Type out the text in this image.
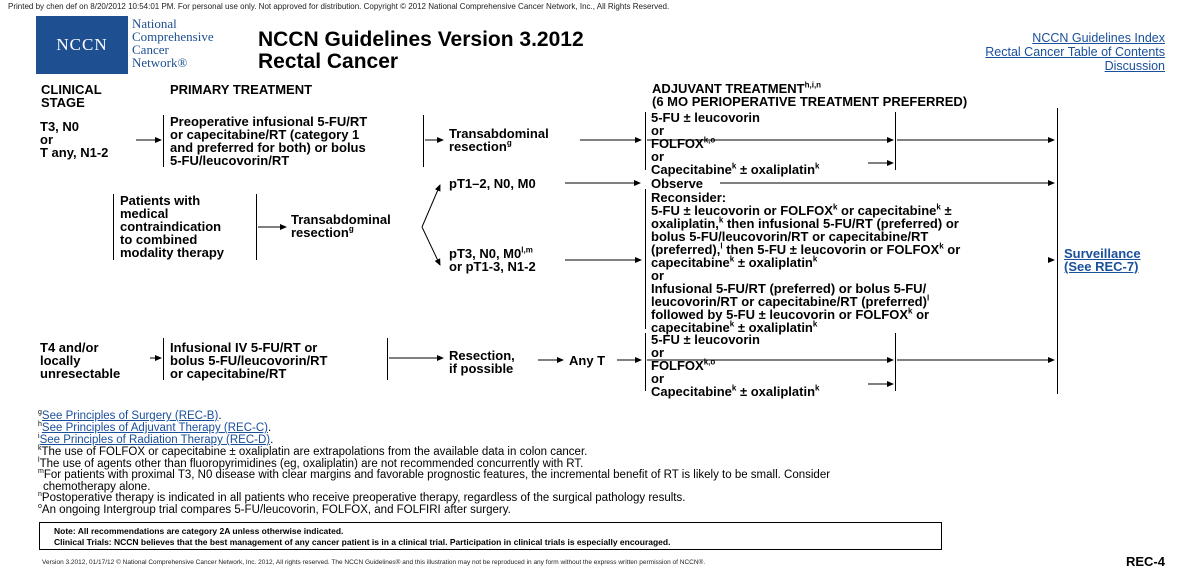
Printed by chen def on 8/20/2012 10:54:01 PM. For personal use only. Not approved for distribution. Copyright © 2012 National Comprehensive Cancer Network, Inc., All Rights Reserved.
NCCN
National
Comprehensive
Cancer
Network®
NCCN Guidelines Version 3.2012
Rectal Cancer
NCCN Guidelines Index
Rectal Cancer Table of Contents
Discussion
CLINICAL
STAGE
PRIMARY TREATMENT	ADJUVANT TREATMENT$^{h,i,n}$
(6 MO PERIOPERATIVE TREATMENT PREFERRED)
T3, N0
or
T any, N1-2
Preoperative infusional 5-FU/RT
or capecitabine/RT (category 1
and preferred for both) or bolus
5-FU/leucovorin/RT
Transabdominal
resection$^g$
5-FU ± leucovorin
or
FOLFOX$^{k,o}$
or
Capecitabine$^k$ ± oxaliplatin$^k$
Patients with
medical
contraindication
to combined
modality therapy
Transabdominal
resection$^g$
pT1–2, N0, M0
pT3, N0, M0$^{l,m}$
or pT1-3, N1-2
Observe
Reconsider:
5-FU ± leucovorin or FOLFOX$^k$ or capecitabine$^k$ ±
oxaliplatin,$^k$ then infusional 5-FU/RT (preferred) or
bolus 5-FU/leucovorin/RT or capecitabine/RT
(preferred),$^l$ then 5-FU ± leucovorin or FOLFOX$^k$ or
capecitabine$^k$ ± oxaliplatin$^k$
or
Infusional 5-FU/RT (preferred) or bolus 5-FU/
leucovorin/RT or capecitabine/RT (preferred)$^l$
followed by 5-FU ± leucovorin or FOLFOX$^k$ or
capecitabine$^k$ ± oxaliplatin$^k$
T4 and/or
locally
unresectable
Infusional IV 5-FU/RT or
bolus 5-FU/leucovorin/RT
or capecitabine/RT
Resection,
if possible
Any T
5-FU ± leucovorin
or
FOLFOX$^{k,o}$
or
Capecitabine$^k$ ± oxaliplatin$^k$
Surveillance
(See REC-7)
$^g$See Principles of Surgery (REC-B).
$^h$See Principles of Adjuvant Therapy (REC-C).
$^i$See Principles of Radiation Therapy (REC-D).
$^k$The use of FOLFOX or capecitabine ± oxaliplatin are extrapolations from the available data in colon cancer.
$^l$The use of agents other than fluoropyrimidines (eg, oxaliplatin) are not recommended concurrently with RT.
$^m$For patients with proximal T3, N0 disease with clear margins and favorable prognostic features, the incremental benefit of RT is likely to be small. Consider
chemotherapy alone.
$^n$Postoperative therapy is indicated in all patients who receive preoperative therapy, regardless of the surgical pathology results.
$^o$An ongoing Intergroup trial compares 5-FU/leucovorin, FOLFOX, and FOLFIRI after surgery.
Note: All recommendations are category 2A unless otherwise indicated.
Clinical Trials: NCCN believes that the best management of any cancer patient is in a clinical trial. Participation in clinical trials is especially encouraged.
Version 3.2012, 01/17/12 © National Comprehensive Cancer Network, Inc. 2012, All rights reserved. The NCCN Guidelines® and this illustration may not be reproduced in any form without the express written permission of NCCN®.	REC-4
